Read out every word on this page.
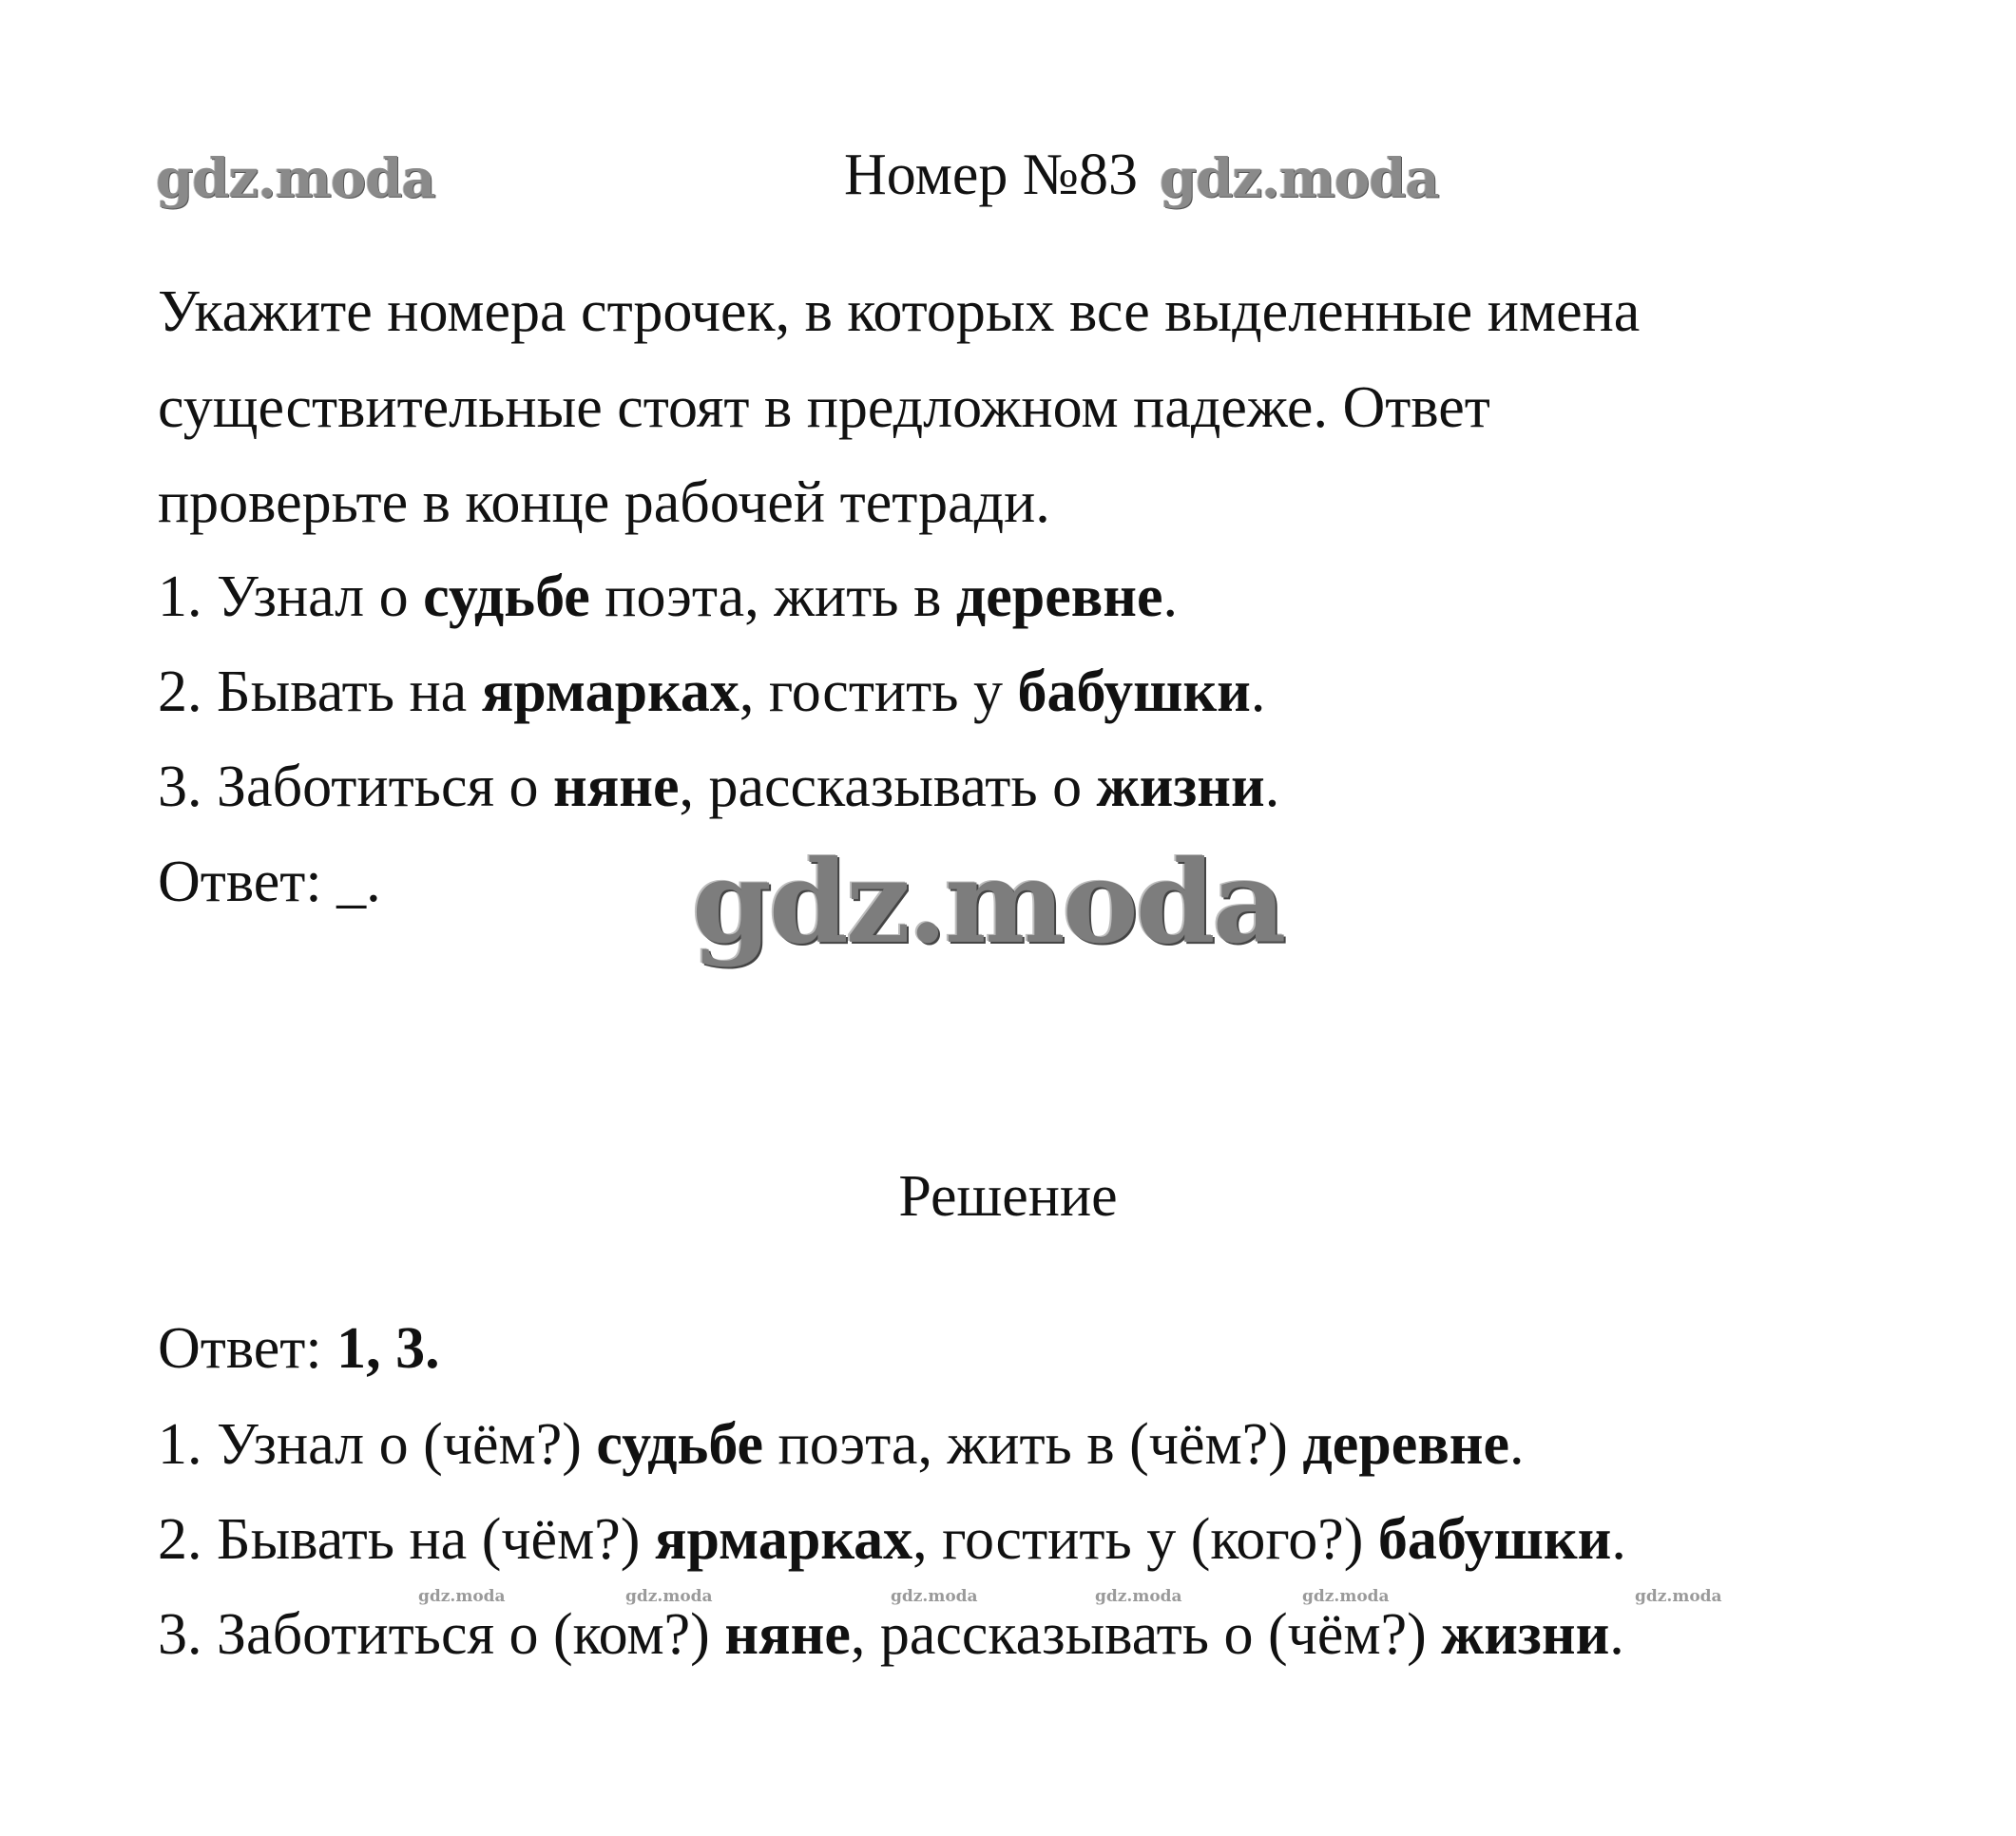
gdz.moda	gdz.moda
gdz.moda
gdz.moda	gdz.moda	gdz.moda	gdz.moda	gdz.moda	gdz.moda
Номер №83
Укажите номера строчек, в которых все выделенные имена
существительные стоят в предложном падеже. Ответ
проверьте в конце рабочей тетради.
1. Узнал о судьбе поэта, жить в деревне.
2. Бывать на ярмарках, гостить у бабушки.
3. Заботиться о няне, рассказывать о жизни.
Ответ: _.
Решение
Ответ: 1, 3.
1. Узнал о (чём?) судьбе поэта, жить в (чём?) деревне.
2. Бывать на (чём?) ярмарках, гостить у (кого?) бабушки.
3. Заботиться о (ком?) няне, рассказывать о (чём?) жизни.
